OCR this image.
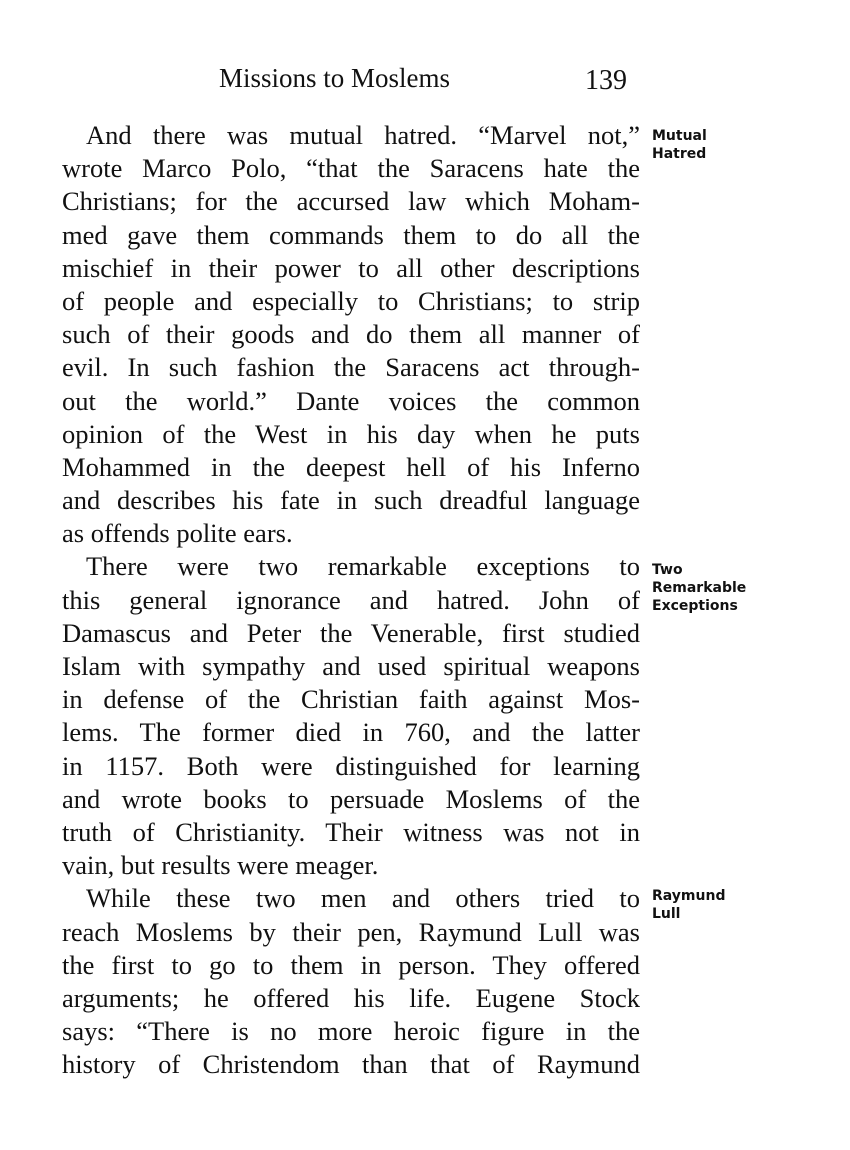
Missions to Moslems	139
And there was mutual hatred. “Marvel not,”
wrote Marco Polo, “that the Saracens hate the
Christians; for the accursed law which Moham-
med gave them commands them to do all the
mischief in their power to all other descriptions
of people and especially to Christians; to strip
such of their goods and do them all manner of
evil. In such fashion the Saracens act through-
out the world.” Dante voices the common
opinion of the West in his day when he puts
Mohammed in the deepest hell of his Inferno
and describes his fate in such dreadful language
as offends polite ears.
There were two remarkable exceptions to
this general ignorance and hatred. John of
Damascus and Peter the Venerable, first studied
Islam with sympathy and used spiritual weapons
in defense of the Christian faith against Mos-
lems. The former died in 760, and the latter
in 1157. Both were distinguished for learning
and wrote books to persuade Moslems of the
truth of Christianity. Their witness was not in
vain, but results were meager.
While these two men and others tried to
reach Moslems by their pen, Raymund Lull was
the first to go to them in person. They offered
arguments; he offered his life. Eugene Stock
says: “There is no more heroic figure in the
history of Christendom than that of Raymund
Mutual
Hatred
Two
Remarkable
Exceptions
Raymund
Lull
